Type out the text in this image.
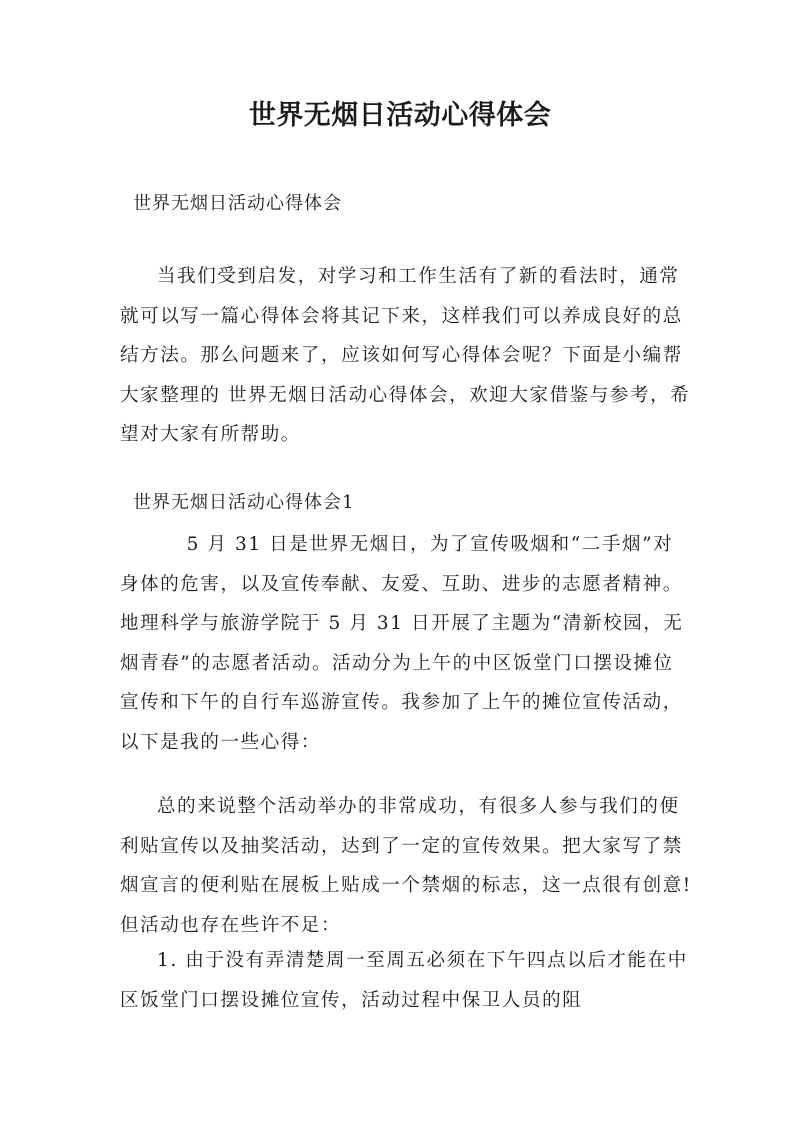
世界无烟日活动心得体会
世界无烟日活动心得体会

当我们受到启发，对学习和工作生活有了新的看法时，通常就可以写一篇心得体会将其记下来，这样我们可以养成良好的总结方法。那么问题来了，应该如何写心得体会呢？下面是小编帮大家整理的 世界无烟日活动心得体会，欢迎大家借鉴与参考，希望对大家有所帮助。

世界无烟日活动心得体会1

5 月 31 日是世界无烟日，为了宣传吸烟和“二手烟”对身体的危害，以及宣传奉献、友爱、互助、进步的志愿者精神。地理科学与旅游学院于 5 月 31 日开展了主题为“清新校园，无烟青春”的志愿者活动。活动分为上午的中区饭堂门口摆设摊位宣传和下午的自行车巡游宣传。我参加了上午的摊位宣传活动，以下是我的一些心得：

总的来说整个活动举办的非常成功，有很多人参与我们的便利贴宣传以及抽奖活动，达到了一定的宣传效果。把大家写了禁烟宣言的便利贴在展板上贴成一个禁烟的标志，这一点很有创意!但活动也存在些许不足：

1. 由于没有弄清楚周一至周五必须在下午四点以后才能在中区饭堂门口摆设摊位宣传，活动过程中保卫人员的阻
